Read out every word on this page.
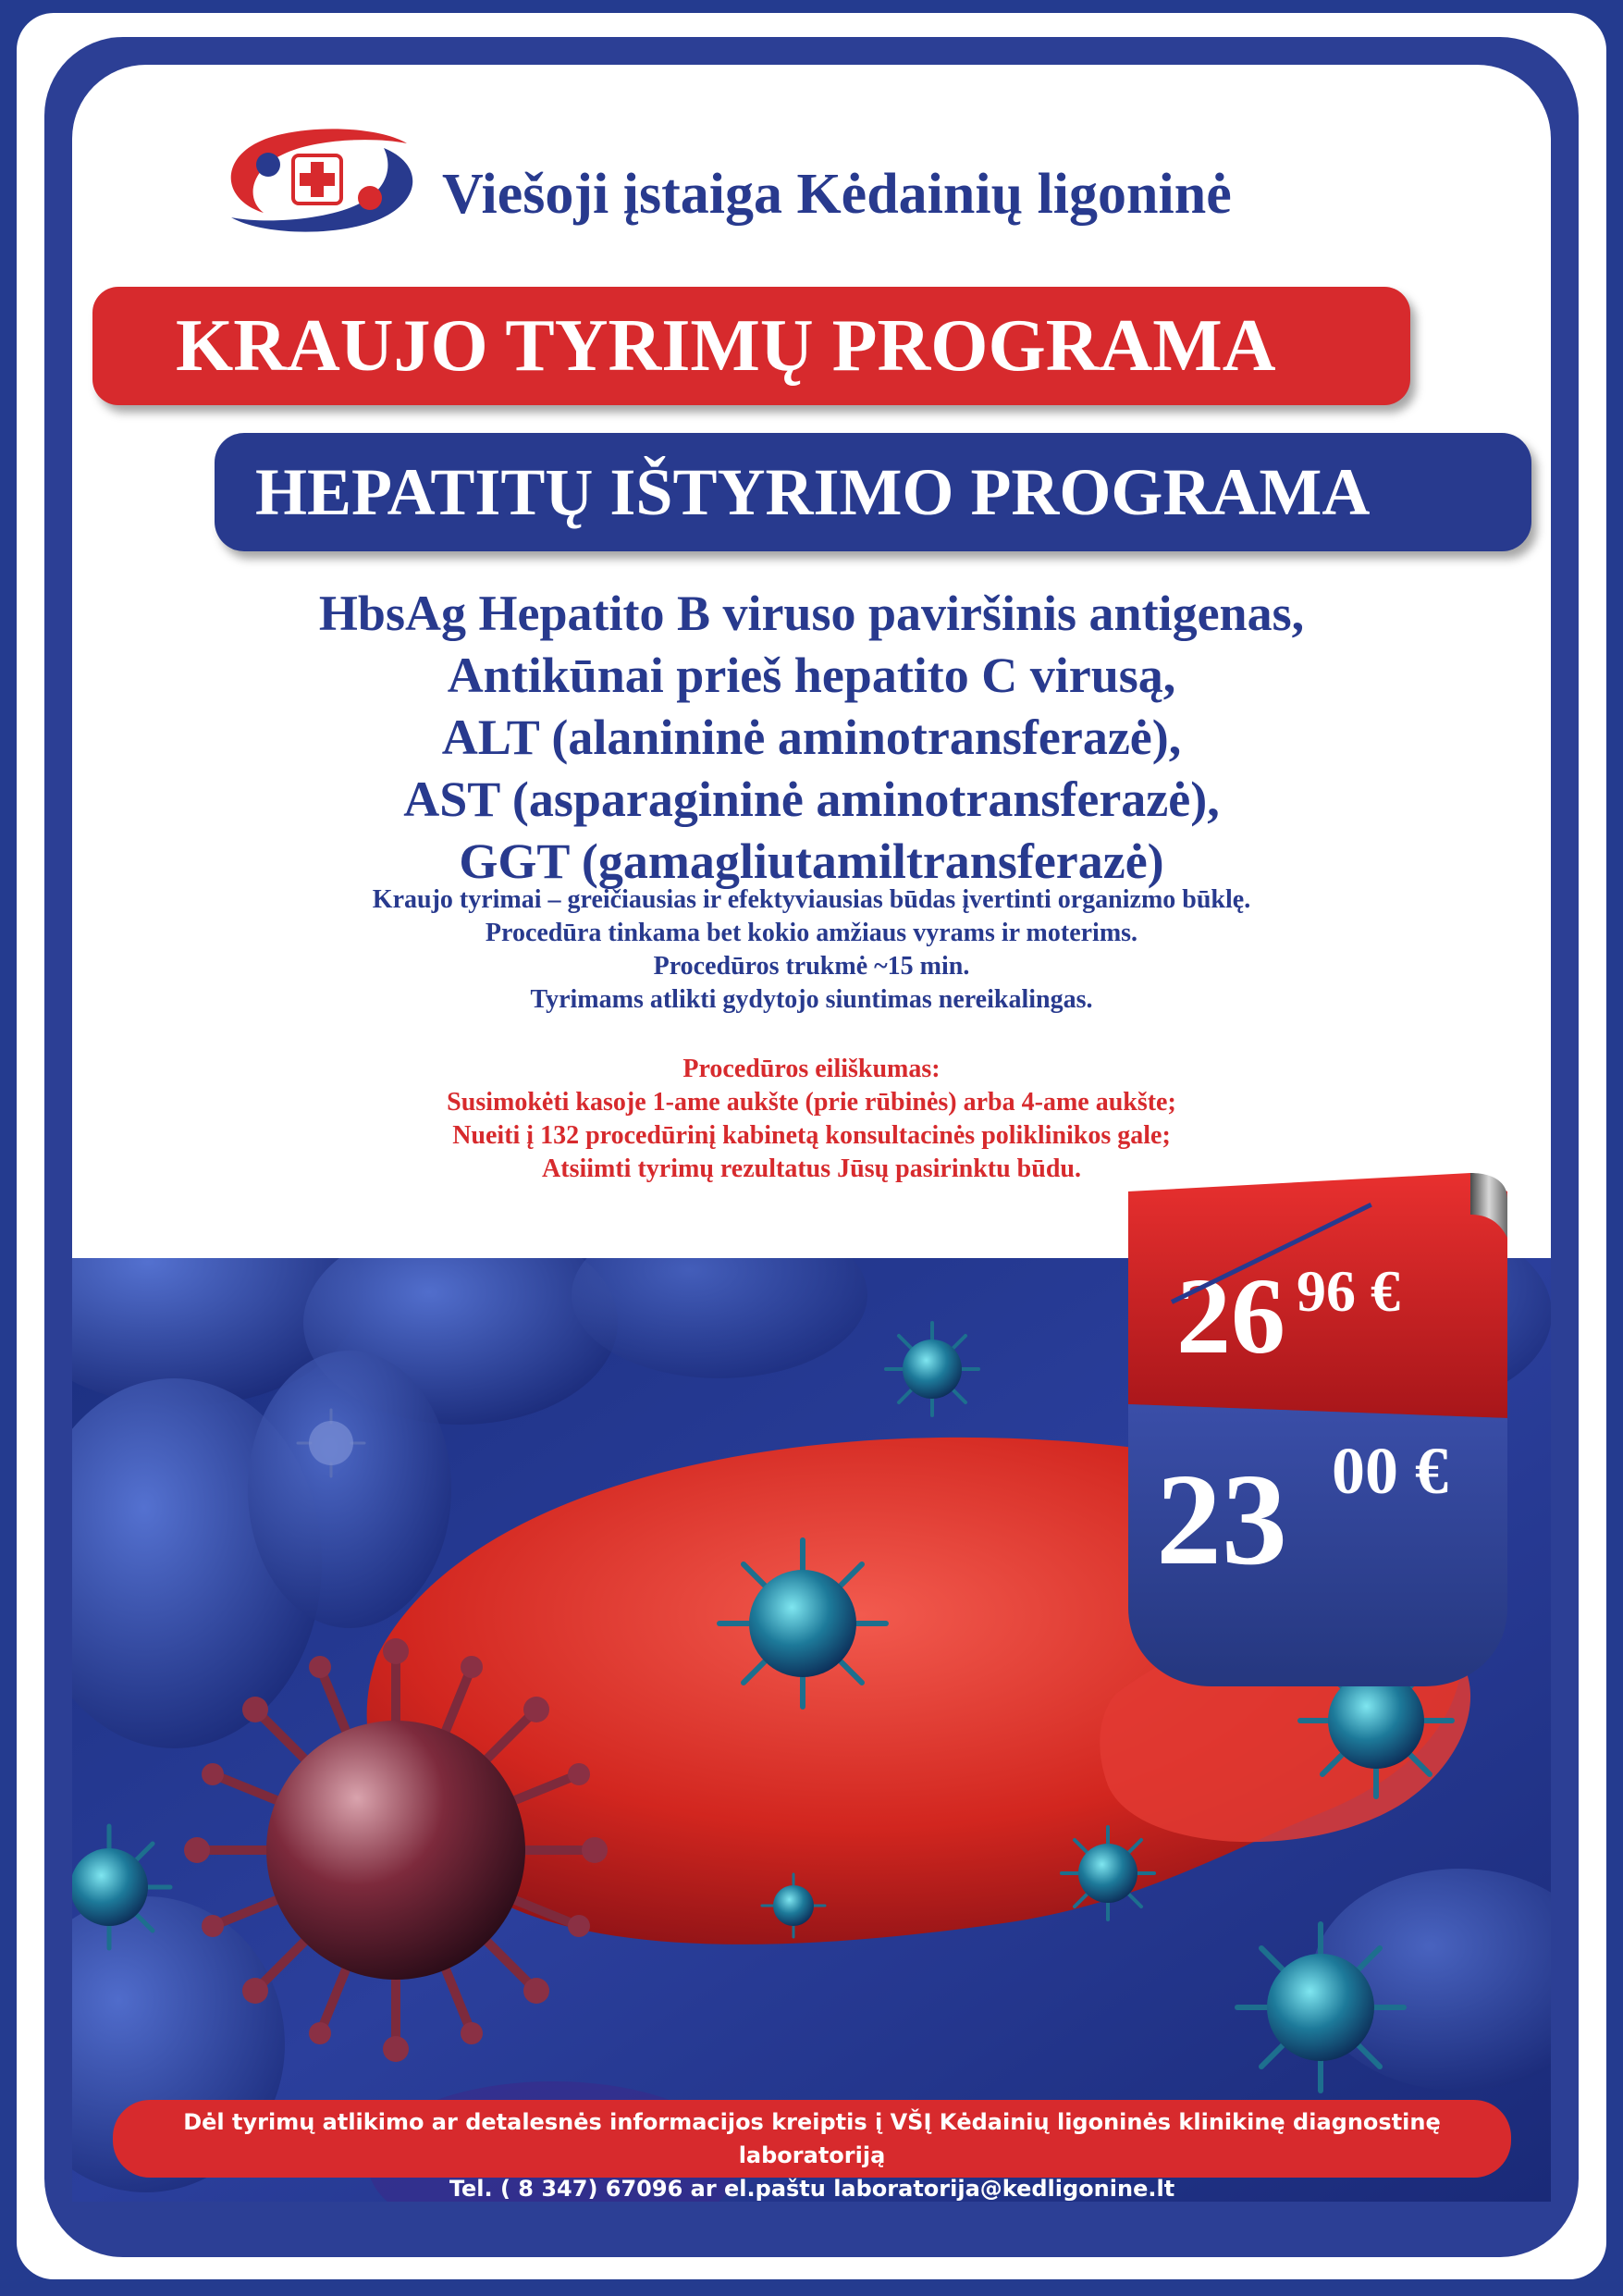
Viešoji įstaiga Kėdainių ligoninė
KRAUJO TYRIMŲ PROGRAMA
HEPATITŲ IŠTYRIMO PROGRAMA
HbsAg Hepatito B viruso paviršinis antigenas,
Antikūnai prieš hepatito C virusą,
ALT (alanininė aminotransferazė),
AST (asparagininė aminotransferazė),
GGT (gamagliutamiltransferazė)
Kraujo tyrimai – greičiausias ir efektyviausias būdas įvertinti organizmo būklę.
Procedūra tinkama bet kokio amžiaus vyrams ir moterims.
Procedūros trukmė ~15 min.
Tyrimams atlikti gydytojo siuntimas nereikalingas.
Procedūros eiliškumas:
Susimokėti kasoje 1-ame aukšte (prie rūbinės) arba 4-ame aukšte;
Nueiti į 132 procedūrinį kabinetą konsultacinės poliklinikos gale;
Atsiimti tyrimų rezultatus Jūsų pasirinktu būdu.
26 96 €
23 00 €
Dėl tyrimų atlikimo ar detalesnės informacijos kreiptis į VŠĮ Kėdainių ligoninės klinikinę diagnostinę laboratoriją
Tel. ( 8 347) 67096 ar el.paštu laboratorija@kedligonine.lt
